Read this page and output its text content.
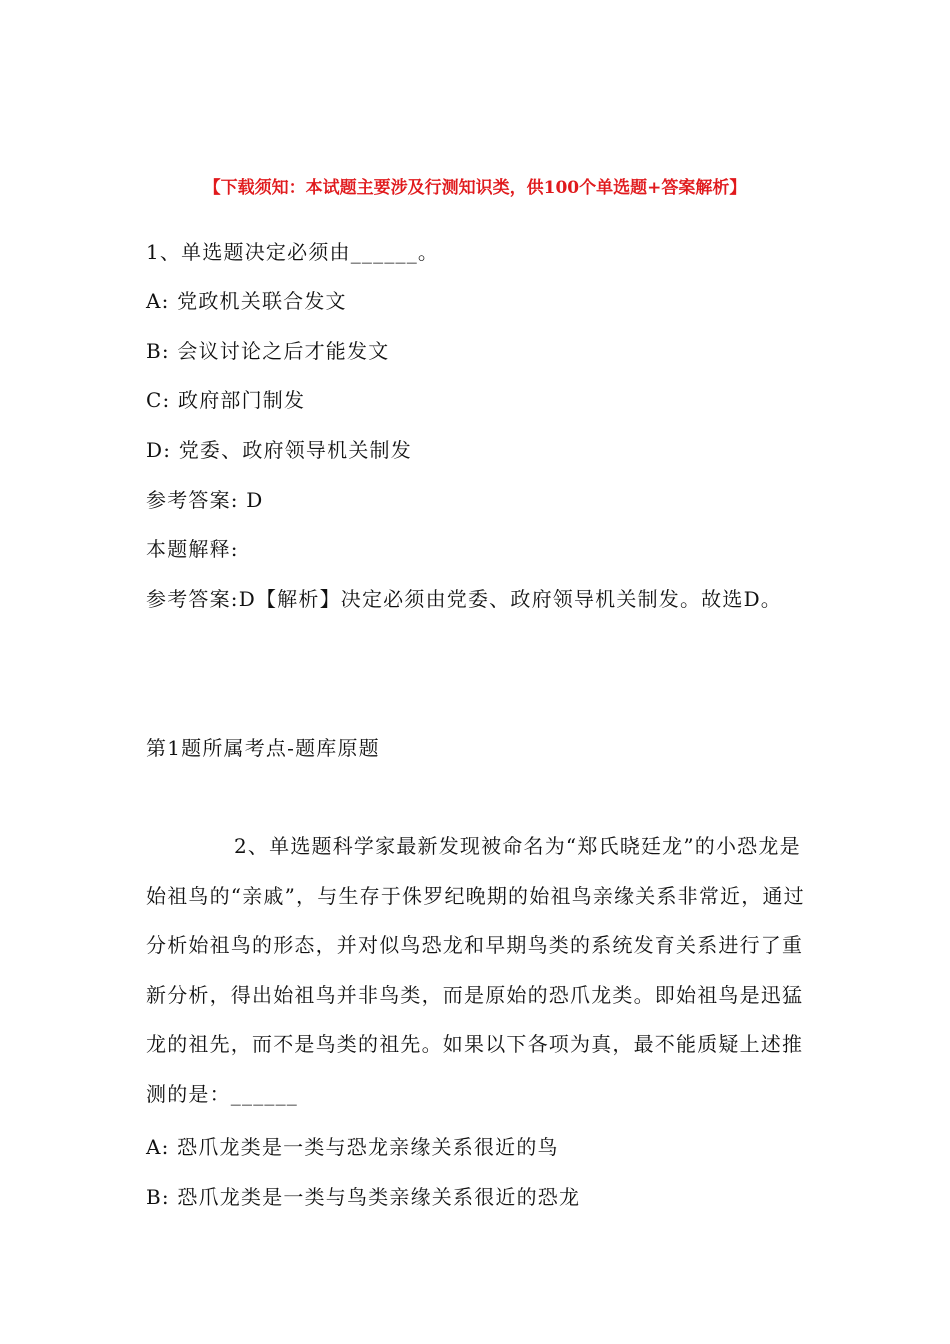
【下载须知：本试题主要涉及行测知识类，供100个单选题+答案解析】
1、单选题决定必须由______。
A: 党政机关联合发文
B: 会议讨论之后才能发文
C: 政府部门制发
D: 党委、政府领导机关制发
参考答案: D
本题解释:
参考答案:D【解析】决定必须由党委、政府领导机关制发。故选D。
第1题所属考点-题库原题
2、单选题科学家最新发现被命名为“郑氏晓廷龙”的小恐龙是始祖鸟的“亲戚”，与生存于侏罗纪晚期的始祖鸟亲缘关系非常近，通过分析始祖鸟的形态，并对似鸟恐龙和早期鸟类的系统发育关系进行了重新分析，得出始祖鸟并非鸟类，而是原始的恐爪龙类。即始祖鸟是迅猛龙的祖先，而不是鸟类的祖先。如果以下各项为真，最不能质疑上述推测的是：______
A: 恐爪龙类是一类与恐龙亲缘关系很近的鸟
B: 恐爪龙类是一类与鸟类亲缘关系很近的恐龙
